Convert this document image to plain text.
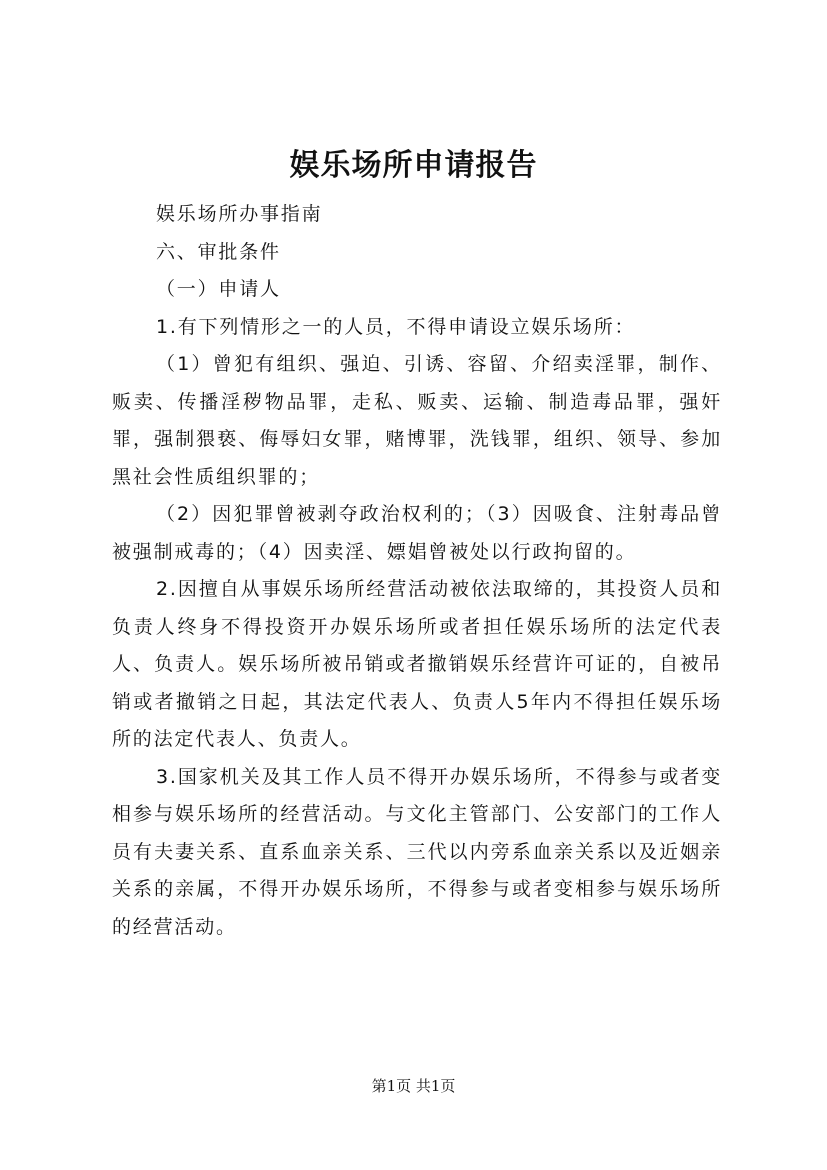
娱乐场所申请报告

娱乐场所办事指南

六、审批条件

（一）申请人

1.有下列情形之一的人员，不得申请设立娱乐场所：

（1）曾犯有组织、强迫、引诱、容留、介绍卖淫罪，制作、贩卖、传播淫秽物品罪，走私、贩卖、运输、制造毒品罪，强奸罪，强制猥亵、侮辱妇女罪，赌博罪，洗钱罪，组织、领导、参加黑社会性质组织罪的；

（2）因犯罪曾被剥夺政治权利的；（3）因吸食、注射毒品曾被强制戒毒的；（4）因卖淫、嫖娼曾被处以行政拘留的。

2.因擅自从事娱乐场所经营活动被依法取缔的，其投资人员和负责人终身不得投资开办娱乐场所或者担任娱乐场所的法定代表人、负责人。娱乐场所被吊销或者撤销娱乐经营许可证的，自被吊销或者撤销之日起，其法定代表人、负责人5年内不得担任娱乐场所的法定代表人、负责人。

3.国家机关及其工作人员不得开办娱乐场所，不得参与或者变相参与娱乐场所的经营活动。与文化主管部门、公安部门的工作人员有夫妻关系、直系血亲关系、三代以内旁系血亲关系以及近姻亲关系的亲属，不得开办娱乐场所，不得参与或者变相参与娱乐场所的经营活动。

第1页 共1页
